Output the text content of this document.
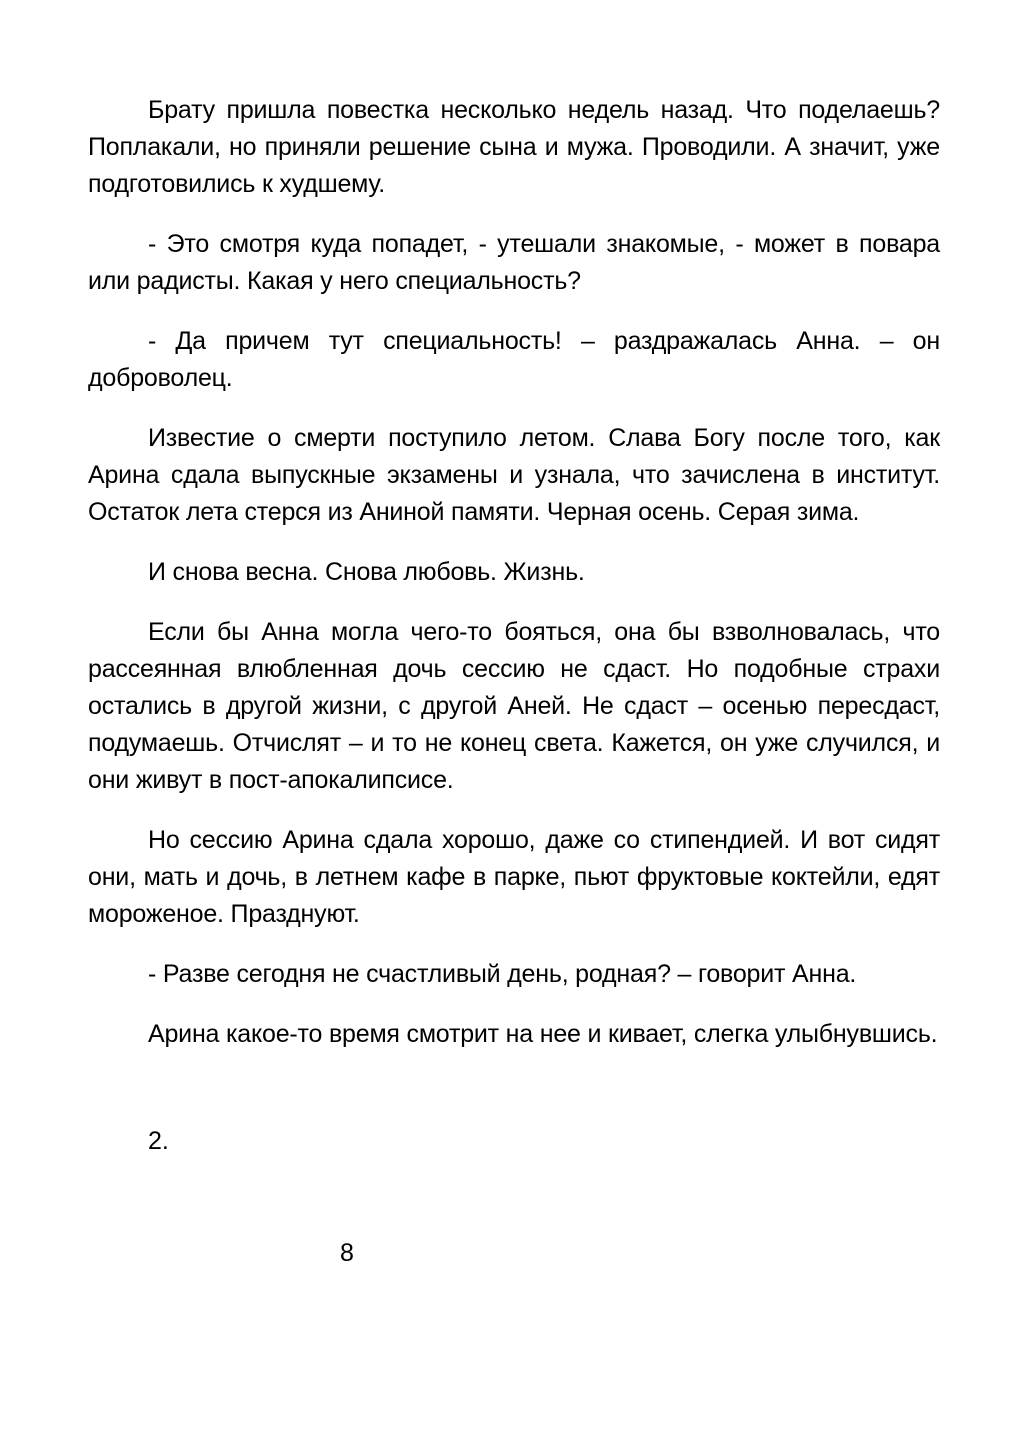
Брату пришла повестка несколько недель назад. Что поделаешь? Поплакали, но приняли решение сына и мужа. Проводили. А значит, уже подготовились к худшему.

- Это смотря куда попадет, - утешали знакомые, - может в повара или радисты. Какая у него специальность?

- Да причем тут специальность! – раздражалась Анна. – он доброволец.

Известие о смерти поступило летом. Слава Богу после того, как Арина сдала выпускные экзамены и узнала, что зачислена в институт. Остаток лета стерся из Аниной памяти. Черная осень. Серая зима.

И снова весна. Снова любовь. Жизнь.

Если бы Анна могла чего-то бояться, она бы взволновалась, что рассеянная влюбленная дочь сессию не сдаст. Но подобные страхи остались в другой жизни, с другой Аней. Не сдаст – осенью пересдаст, подумаешь. Отчислят – и то не конец света. Кажется, он уже случился, и они живут в пост-апокалипсисе.

Но сессию Арина сдала хорошо, даже со стипендией. И вот сидят они, мать и дочь, в летнем кафе в парке, пьют фруктовые коктейли, едят мороженое. Празднуют.

- Разве сегодня не счастливый день, родная? – говорит Анна.

Арина какое-то время смотрит на нее и кивает, слегка улыбнувшись.

2.

8
